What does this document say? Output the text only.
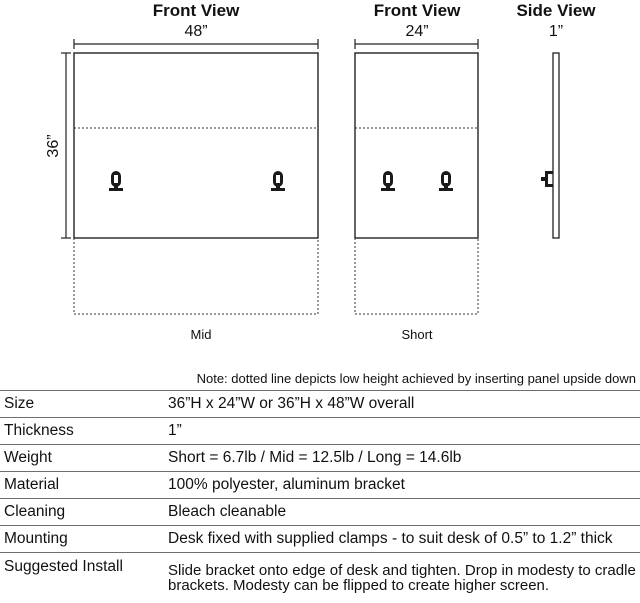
Front View
48”
36”
Mid
Front View
24”
Short
Side View
1”
Note: dotted line depicts low height achieved by inserting panel upside down
Size	36”H x 24”W or 36”H x 48”W overall
Thickness	1”
Weight	Short = 6.7lb / Mid = 12.5lb / Long = 14.6lb
Material	100% polyester, aluminum bracket
Cleaning	Bleach cleanable
Mounting	Desk fixed with supplied clamps - to suit desk of 0.5” to 1.2” thick
Suggested Install	Slide bracket onto edge of desk and tighten. Drop in modesty to cradle brackets. Modesty can be flipped to create higher screen.
